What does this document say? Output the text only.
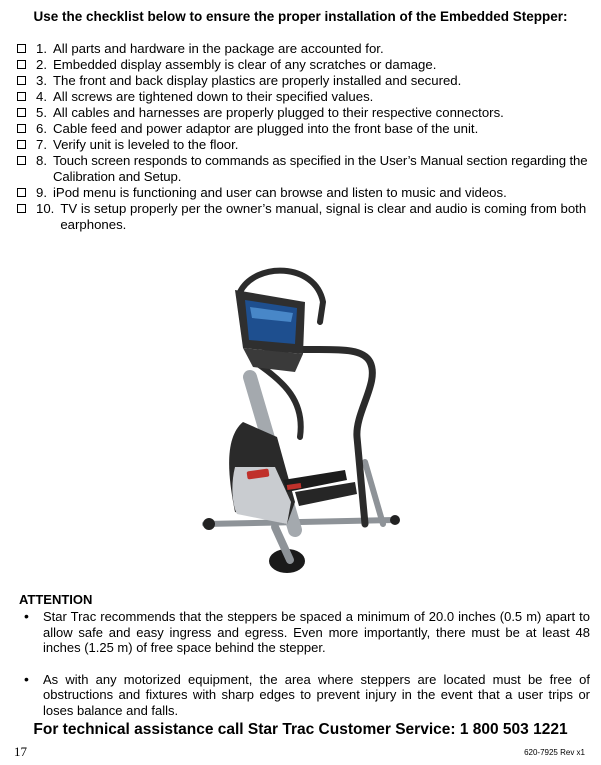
Use the checklist below to ensure the proper installation of the Embedded Stepper:
1. All parts and hardware in the package are accounted for.
2. Embedded display assembly is clear of any scratches or damage.
3. The front and back display plastics are properly installed and secured.
4. All screws are tightened down to their specified values.
5. All cables and harnesses are properly plugged to their respective connectors.
6. Cable feed and power adaptor are plugged into the front base of the unit.
7. Verify unit is leveled to the floor.
8. Touch screen responds to commands as specified in the User’s Manual section regarding the Calibration and Setup.
9. iPod menu is functioning and user can browse and listen to music and videos.
10. TV is setup properly per the owner’s manual, signal is clear and audio is coming from both earphones.
ATTENTION
•	Star Trac recommends that the steppers be spaced a minimum of 20.0 inches (0.5 m) apart to allow safe and easy ingress and egress. Even more importantly, there must be at least 48 inches (1.25 m) of free space behind the stepper.
•	As with any motorized equipment, the area where steppers are located must be free of obstructions and fixtures with sharp edges to prevent injury in the event that a user trips or loses balance and falls.
For technical assistance call Star Trac Customer Service: 1 800 503 1221
17	620-7925 Rev x1
